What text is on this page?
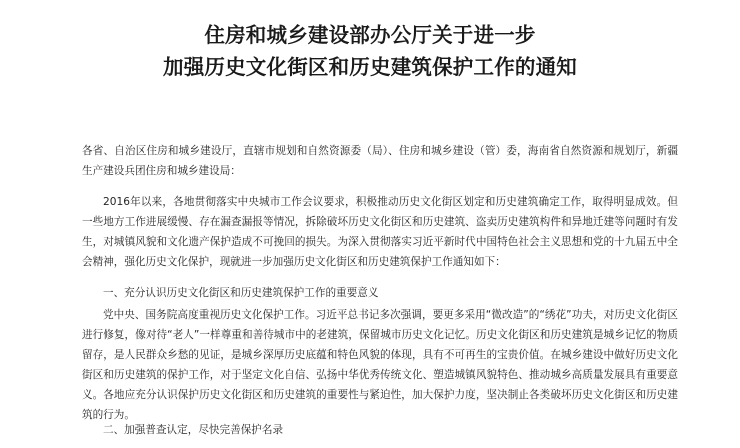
住房和城乡建设部办公厅关于进一步
加强历史文化街区和历史建筑保护工作的通知

各省、自治区住房和城乡建设厅，直辖市规划和自然资源委（局）、住房和城乡建设（管）委，海南省自然资源和规划厅，新疆生产建设兵团住房和城乡建设局：

2016年以来，各地贯彻落实中央城市工作会议要求，积极推动历史文化街区划定和历史建筑确定工作，取得明显成效。但一些地方工作进展缓慢、存在漏查漏报等情况，拆除破坏历史文化街区和历史建筑、盗卖历史建筑构件和异地迁建等问题时有发生，对城镇风貌和文化遗产保护造成不可挽回的损失。为深入贯彻落实习近平新时代中国特色社会主义思想和党的十九届五中全会精神，强化历史文化保护，现就进一步加强历史文化街区和历史建筑保护工作通知如下：

一、充分认识历史文化街区和历史建筑保护工作的重要意义

党中央、国务院高度重视历史文化保护工作。习近平总书记多次强调，要更多采用“微改造”的“绣花”功夫，对历史文化街区进行修复，像对待“老人”一样尊重和善待城市中的老建筑，保留城市历史文化记忆。历史文化街区和历史建筑是城乡记忆的物质留存，是人民群众乡愁的见证，是城乡深厚历史底蕴和特色风貌的体现，具有不可再生的宝贵价值。在城乡建设中做好历史文化街区和历史建筑的保护工作，对于坚定文化自信、弘扬中华优秀传统文化、塑造城镇风貌特色、推动城乡高质量发展具有重要意义。各地应充分认识保护历史文化街区和历史建筑的重要性与紧迫性，加大保护力度，坚决制止各类破坏历史文化街区和历史建筑的行为。

二、加强普查认定，尽快完善保护名录
